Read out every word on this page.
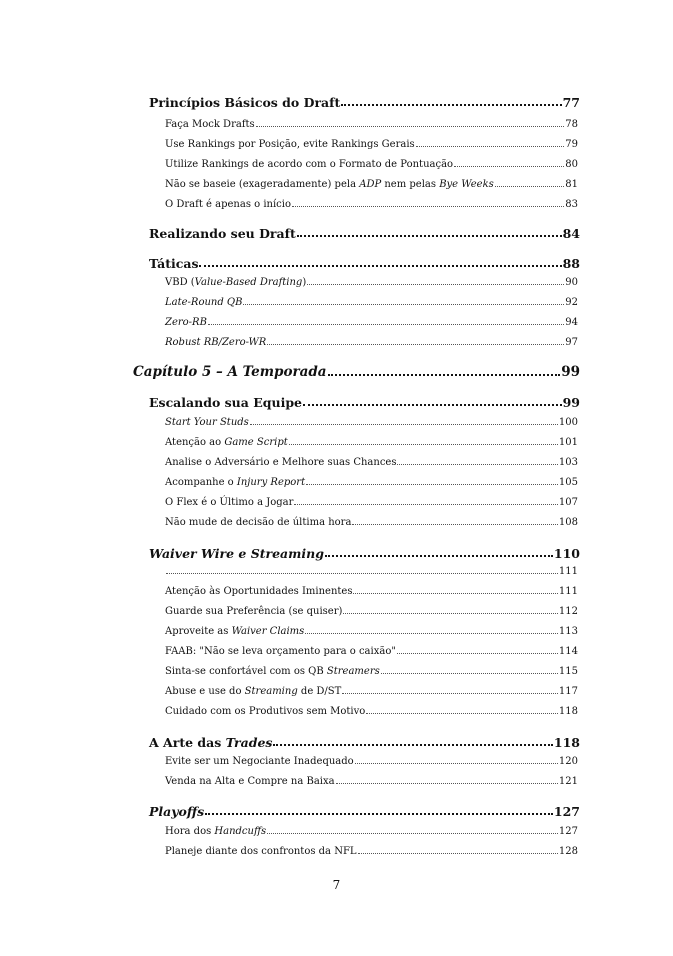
Princípios Básicos do Draft	77
Faça Mock Drafts	78
Use Rankings por Posição, evite Rankings Gerais	79
Utilize Rankings de acordo com o Formato de Pontuação	80
Não se baseie (exageradamente) pela ADP nem pelas Bye Weeks	81
O Draft é apenas o início	83
Realizando seu Draft	84
Táticas	88
VBD (Value-Based Drafting)	90
Late-Round QB	92
Zero-RB	94
Robust RB/Zero-WR	97
Capítulo 5 – A Temporada	99
Escalando sua Equipe	99
Start Your Studs	100
Atenção ao Game Script	101
Analise o Adversário e Melhore suas Chances	103
Acompanhe o Injury Report	105
O Flex é o Último a Jogar	107
Não mude de decisão de última hora	108
Waiver Wire e Streaming	110
111
Atenção às Oportunidades Iminentes	111
Guarde sua Preferência (se quiser)	112
Aproveite as Waiver Claims	113
FAAB: "Não se leva orçamento para o caixão"	114
Sinta-se confortável com os QB Streamers	115
Abuse e use do Streaming de D/ST	117
Cuidado com os Produtivos sem Motivo	118
A Arte das Trades	118
Evite ser um Negociante Inadequado	120
Venda na Alta e Compre na Baixa	121
Playoffs	127
Hora dos Handcuffs	127
Planeje diante dos confrontos da NFL	128
7
